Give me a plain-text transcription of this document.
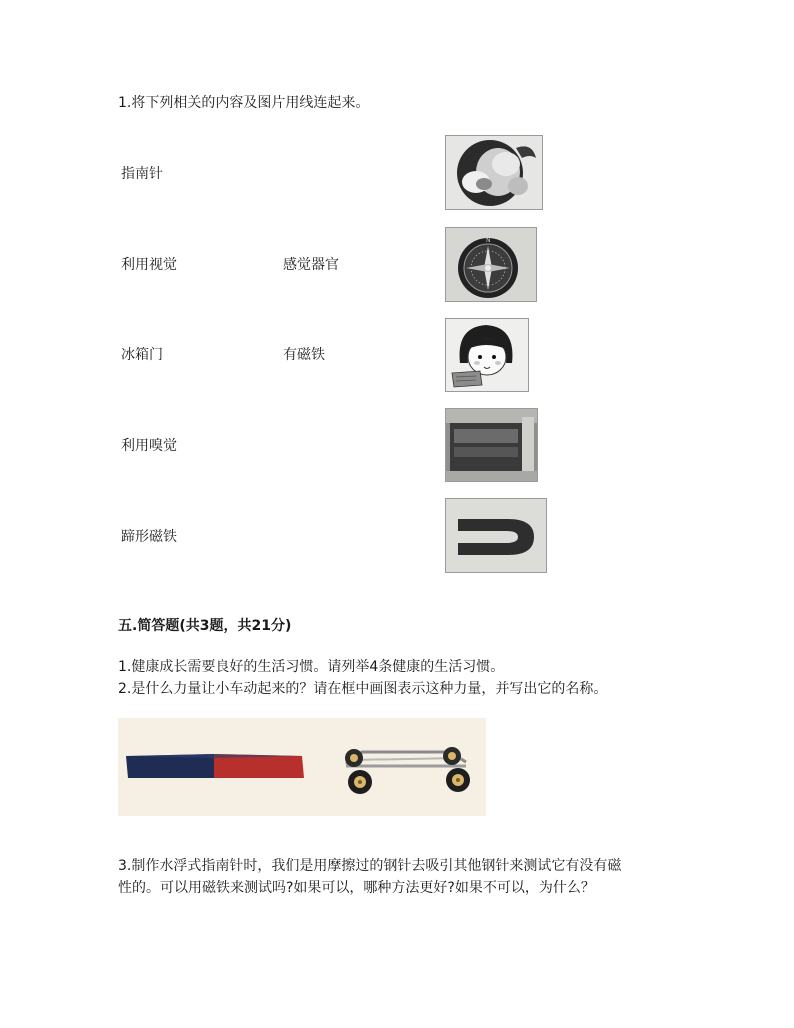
1.将下列相关的内容及图片用线连起来。
指南针
利用视觉
冰箱门
利用嗅觉
蹄形磁铁
感觉器官
有磁铁
N
五.简答题(共3题，共21分)
1.健康成长需要良好的生活习惯。请列举4条健康的生活习惯。
2.是什么力量让小车动起来的？请在框中画图表示这种力量，并写出它的名称。
3.制作水浮式指南针时，我们是用摩擦过的钢针去吸引其他钢针来测试它有没有磁
性的。可以用磁铁来测试吗?如果可以，哪种方法更好?如果不可以，为什么？
